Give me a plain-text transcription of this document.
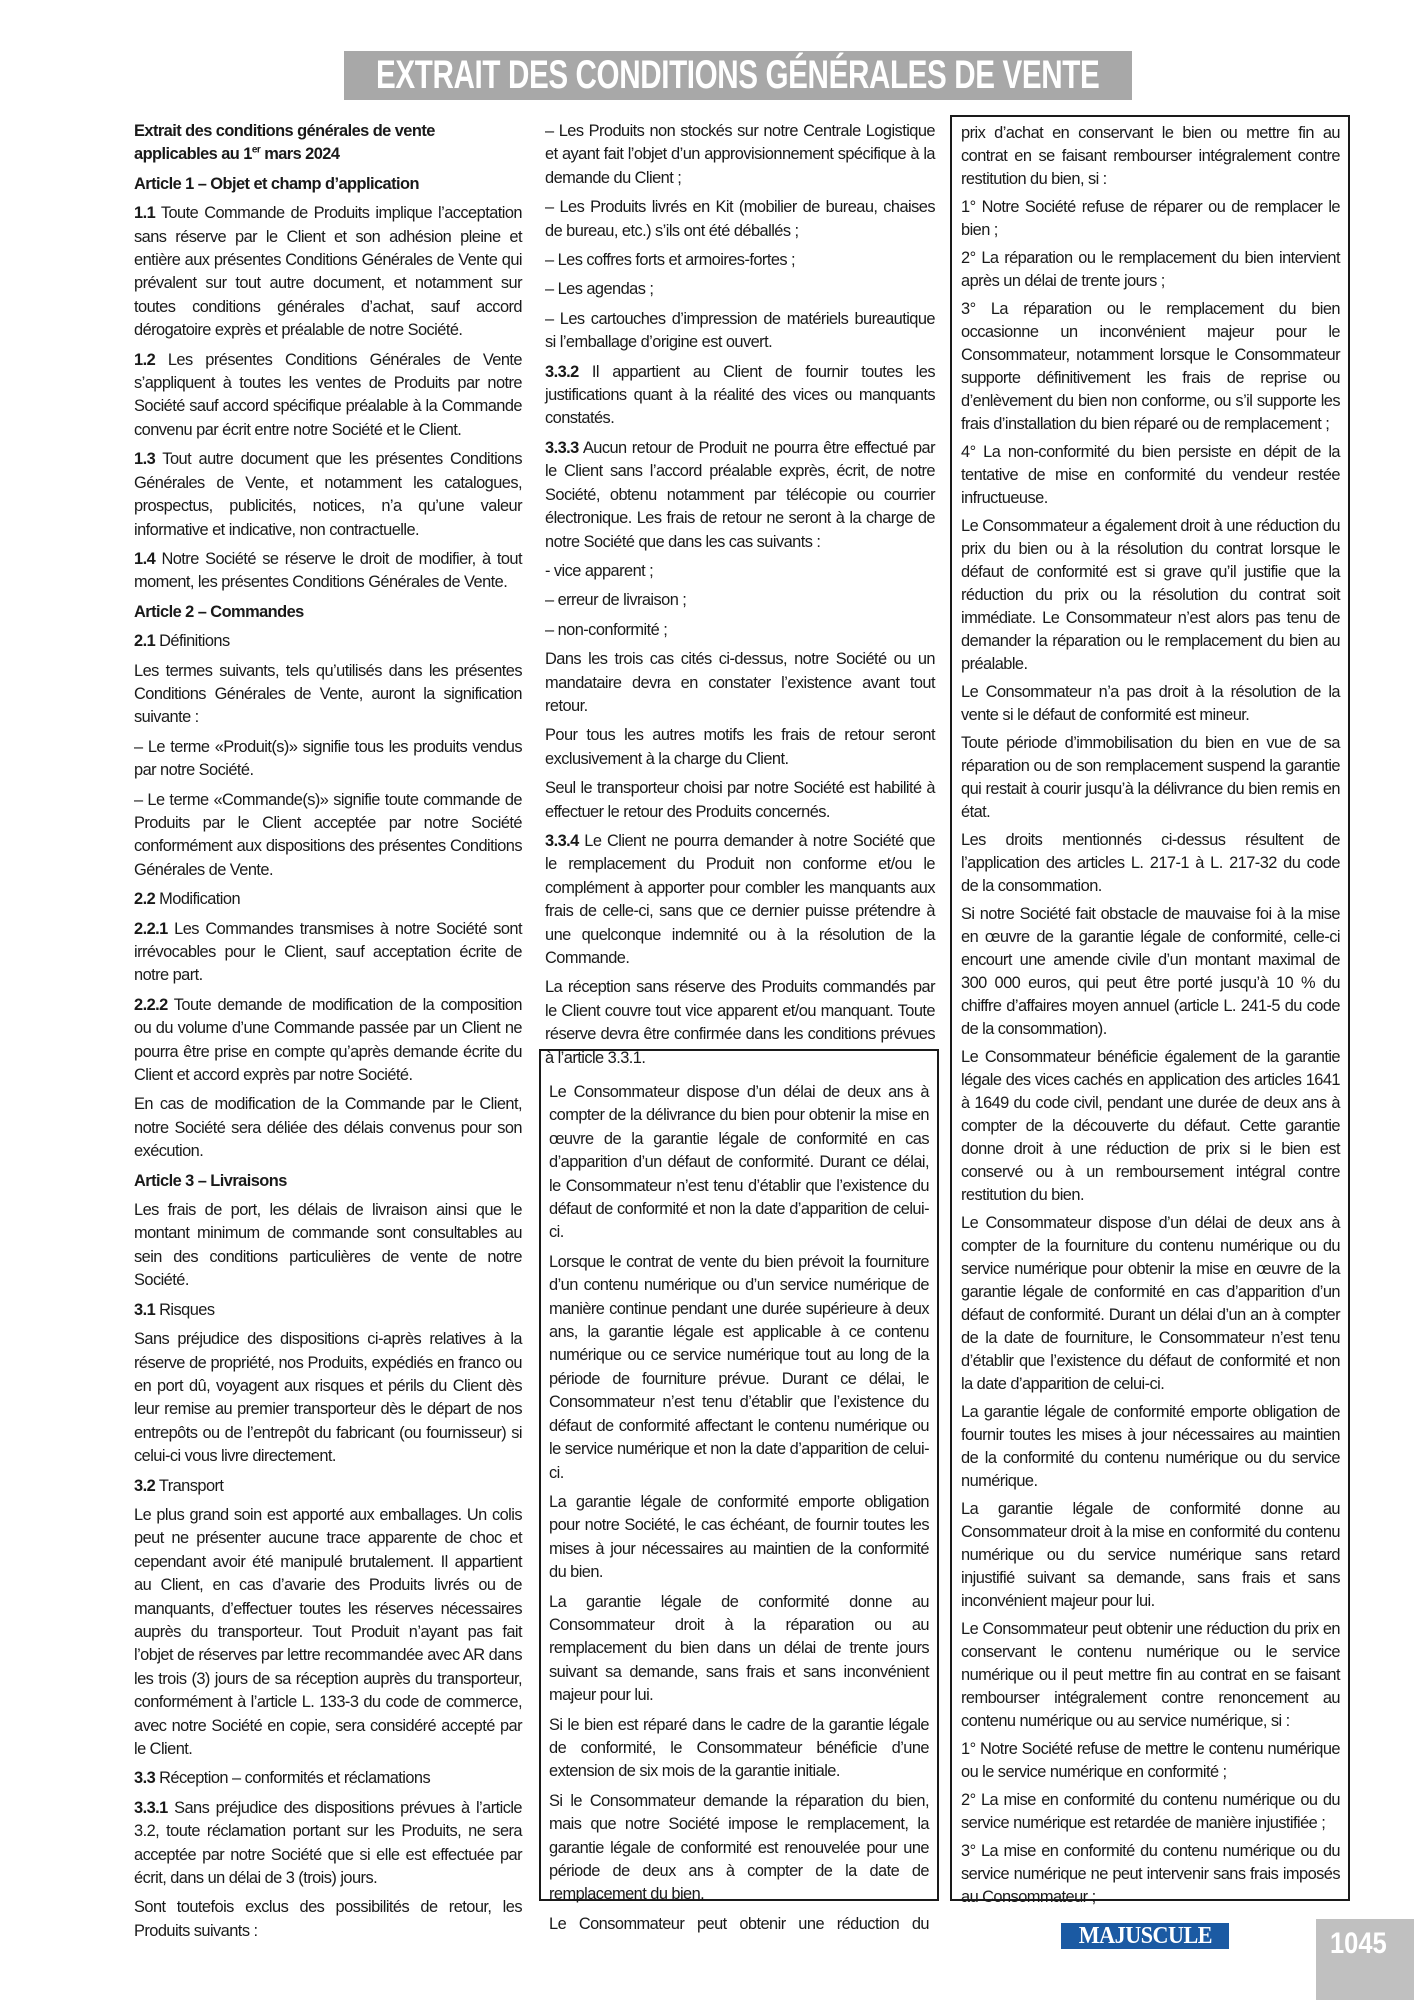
EXTRAIT DES CONDITIONS GÉNÉRALES DE VENTE

Extrait des conditions générales de vente applicables au 1er mars 2024

Article 1 – Objet et champ d’application

1.1 Toute Commande de Produits implique l’acceptation sans réserve par le Client et son adhésion pleine et entière aux présentes Conditions Générales de Vente qui prévalent sur tout autre document, et notamment sur toutes conditions générales d’achat, sauf accord dérogatoire exprès et préalable de notre Société.

1.2 Les présentes Conditions Générales de Vente s’appliquent à toutes les ventes de Produits par notre Société sauf accord spécifique préalable à la Commande convenu par écrit entre notre Société et le Client.

1.3 Tout autre document que les présentes Conditions Générales de Vente, et notamment les catalogues, prospectus, publicités, notices, n’a qu’une valeur informative et indicative, non contractuelle.

1.4 Notre Société se réserve le droit de modifier, à tout moment, les présentes Conditions Générales de Vente.

Article 2 – Commandes

2.1 Définitions

Les termes suivants, tels qu’utilisés dans les présentes Conditions Générales de Vente, auront la signification suivante :

– Le terme «Produit(s)» signifie tous les produits vendus par notre Société.

– Le terme «Commande(s)» signifie toute commande de Produits par le Client acceptée par notre Société conformément aux dispositions des présentes Conditions Générales de Vente.

2.2 Modification

2.2.1 Les Commandes transmises à notre Société sont irrévocables pour le Client, sauf acceptation écrite de notre part.

2.2.2 Toute demande de modification de la composition ou du volume d’une Commande passée par un Client ne pourra être prise en compte qu’après demande écrite du Client et accord exprès par notre Société.

En cas de modification de la Commande par le Client, notre Société sera déliée des délais convenus pour son exécution.

Article 3 – Livraisons

Les frais de port, les délais de livraison ainsi que le montant minimum de commande sont consultables au sein des conditions particulières de vente de notre Société.

3.1 Risques

Sans préjudice des dispositions ci-après relatives à la réserve de propriété, nos Produits, expédiés en franco ou en port dû, voyagent aux risques et périls du Client dès leur remise au premier transporteur dès le départ de nos entrepôts ou de l’entrepôt du fabricant (ou fournisseur) si celui-ci vous livre directement.

3.2 Transport

Le plus grand soin est apporté aux emballages. Un colis peut ne présenter aucune trace apparente de choc et cependant avoir été manipulé brutalement. Il appartient au Client, en cas d’avarie des Produits livrés ou de manquants, d’effectuer toutes les réserves nécessaires auprès du transporteur. Tout Produit n’ayant pas fait l’objet de réserves par lettre recommandée avec AR dans les trois (3) jours de sa réception auprès du transporteur, conformément à l’article L. 133-3 du code de commerce, avec notre Société en copie, sera considéré accepté par le Client.

3.3 Réception – conformités et réclamations

3.3.1 Sans préjudice des dispositions prévues à l’article 3.2, toute réclamation portant sur les Produits, ne sera acceptée par notre Société que si elle est effectuée par écrit, dans un délai de 3 (trois) jours.

Sont toutefois exclus des possibilités de retour, les Produits suivants :

– Les Produits non stockés sur notre Centrale Logistique et ayant fait l’objet d’un approvisionnement spécifique à la demande du Client ;

– Les Produits livrés en Kit (mobilier de bureau, chaises de bureau, etc.) s’ils ont été déballés ;

– Les coffres forts et armoires-fortes ;

– Les agendas ;

– Les cartouches d’impression de matériels bureautique si l’emballage d’origine est ouvert.

3.3.2 Il appartient au Client de fournir toutes les justifications quant à la réalité des vices ou manquants constatés.

3.3.3 Aucun retour de Produit ne pourra être effectué par le Client sans l’accord préalable exprès, écrit, de notre Société, obtenu notamment par télécopie ou courrier électronique. Les frais de retour ne seront à la charge de notre Société que dans les cas suivants :

- vice apparent ;

– erreur de livraison ;

– non-conformité ;

Dans les trois cas cités ci-dessus, notre Société ou un mandataire devra en constater l’existence avant tout retour.

Pour tous les autres motifs les frais de retour seront exclusivement à la charge du Client.

Seul le transporteur choisi par notre Société est habilité à effectuer le retour des Produits concernés.

3.3.4 Le Client ne pourra demander à notre Société que le remplacement du Produit non conforme et/ou le complément à apporter pour combler les manquants aux frais de celle-ci, sans que ce dernier puisse prétendre à une quelconque indemnité ou à la résolution de la Commande.

La réception sans réserve des Produits commandés par le Client couvre tout vice apparent et/ou manquant. Toute réserve devra être confirmée dans les conditions prévues à l’article 3.3.1.

Le Consommateur dispose d’un délai de deux ans à compter de la délivrance du bien pour obtenir la mise en œuvre de la garantie légale de conformité en cas d’apparition d’un défaut de conformité. Durant ce délai, le Consommateur n’est tenu d’établir que l’existence du défaut de conformité et non la date d’apparition de celui-ci.

Lorsque le contrat de vente du bien prévoit la fourniture d’un contenu numérique ou d’un service numérique de manière continue pendant une durée supérieure à deux ans, la garantie légale est applicable à ce contenu numérique ou ce service numérique tout au long de la période de fourniture prévue. Durant ce délai, le Consommateur n’est tenu d’établir que l’existence du défaut de conformité affectant le contenu numérique ou le service numérique et non la date d’apparition de celui-ci.

La garantie légale de conformité emporte obligation pour notre Société, le cas échéant, de fournir toutes les mises à jour nécessaires au maintien de la conformité du bien.

La garantie légale de conformité donne au Consommateur droit à la réparation ou au remplacement du bien dans un délai de trente jours suivant sa demande, sans frais et sans inconvénient majeur pour lui.

Si le bien est réparé dans le cadre de la garantie légale de conformité, le Consommateur bénéficie d’une extension de six mois de la garantie initiale.

Si le Consommateur demande la réparation du bien, mais que notre Société impose le remplacement, la garantie légale de conformité est renouvelée pour une période de deux ans à compter de la date de remplacement du bien.

Le Consommateur peut obtenir une réduction du

prix d’achat en conservant le bien ou mettre fin au contrat en se faisant rembourser intégralement contre restitution du bien, si :

1° Notre Société refuse de réparer ou de remplacer le bien ;

2° La réparation ou le remplacement du bien intervient après un délai de trente jours ;

3° La réparation ou le remplacement du bien occasionne un inconvénient majeur pour le Consommateur, notamment lorsque le Consommateur supporte définitivement les frais de reprise ou d’enlèvement du bien non conforme, ou s’il supporte les frais d’installation du bien réparé ou de remplacement ;

4° La non-conformité du bien persiste en dépit de la tentative de mise en conformité du vendeur restée infructueuse.

Le Consommateur a également droit à une réduction du prix du bien ou à la résolution du contrat lorsque le défaut de conformité est si grave qu’il justifie que la réduction du prix ou la résolution du contrat soit immédiate. Le Consommateur n’est alors pas tenu de demander la réparation ou le remplacement du bien au préalable.

Le Consommateur n’a pas droit à la résolution de la vente si le défaut de conformité est mineur.

Toute période d’immobilisation du bien en vue de sa réparation ou de son remplacement suspend la garantie qui restait à courir jusqu’à la délivrance du bien remis en état.

Les droits mentionnés ci-dessus résultent de l’application des articles L. 217-1 à L. 217-32 du code de la consommation.

Si notre Société fait obstacle de mauvaise foi à la mise en œuvre de la garantie légale de conformité, celle-ci encourt une amende civile d’un montant maximal de 300 000 euros, qui peut être porté jusqu’à 10 % du chiffre d’affaires moyen annuel (article L. 241-5 du code de la consommation).

Le Consommateur bénéficie également de la garantie légale des vices cachés en application des articles 1641 à 1649 du code civil, pendant une durée de deux ans à compter de la découverte du défaut. Cette garantie donne droit à une réduction de prix si le bien est conservé ou à un remboursement intégral contre restitution du bien.

Le Consommateur dispose d’un délai de deux ans à compter de la fourniture du contenu numérique ou du service numérique pour obtenir la mise en œuvre de la garantie légale de conformité en cas d’apparition d’un défaut de conformité. Durant un délai d’un an à compter de la date de fourniture, le Consommateur n’est tenu d’établir que l’existence du défaut de conformité et non la date d’apparition de celui-ci.

La garantie légale de conformité emporte obligation de fournir toutes les mises à jour nécessaires au maintien de la conformité du contenu numérique ou du service numérique.

La garantie légale de conformité donne au Consommateur droit à la mise en conformité du contenu numérique ou du service numérique sans retard injustifié suivant sa demande, sans frais et sans inconvénient majeur pour lui.

Le Consommateur peut obtenir une réduction du prix en conservant le contenu numérique ou le service numérique ou il peut mettre fin au contrat en se faisant rembourser intégralement contre renoncement au contenu numérique ou au service numérique, si :

1° Notre Société refuse de mettre le contenu numérique ou le service numérique en conformité ;

2° La mise en conformité du contenu numérique ou du service numérique est retardée de manière injustifiée ;

3° La mise en conformité du contenu numérique ou du service numérique ne peut intervenir sans frais imposés au Consommateur ;

MAJUSCULE	1045
